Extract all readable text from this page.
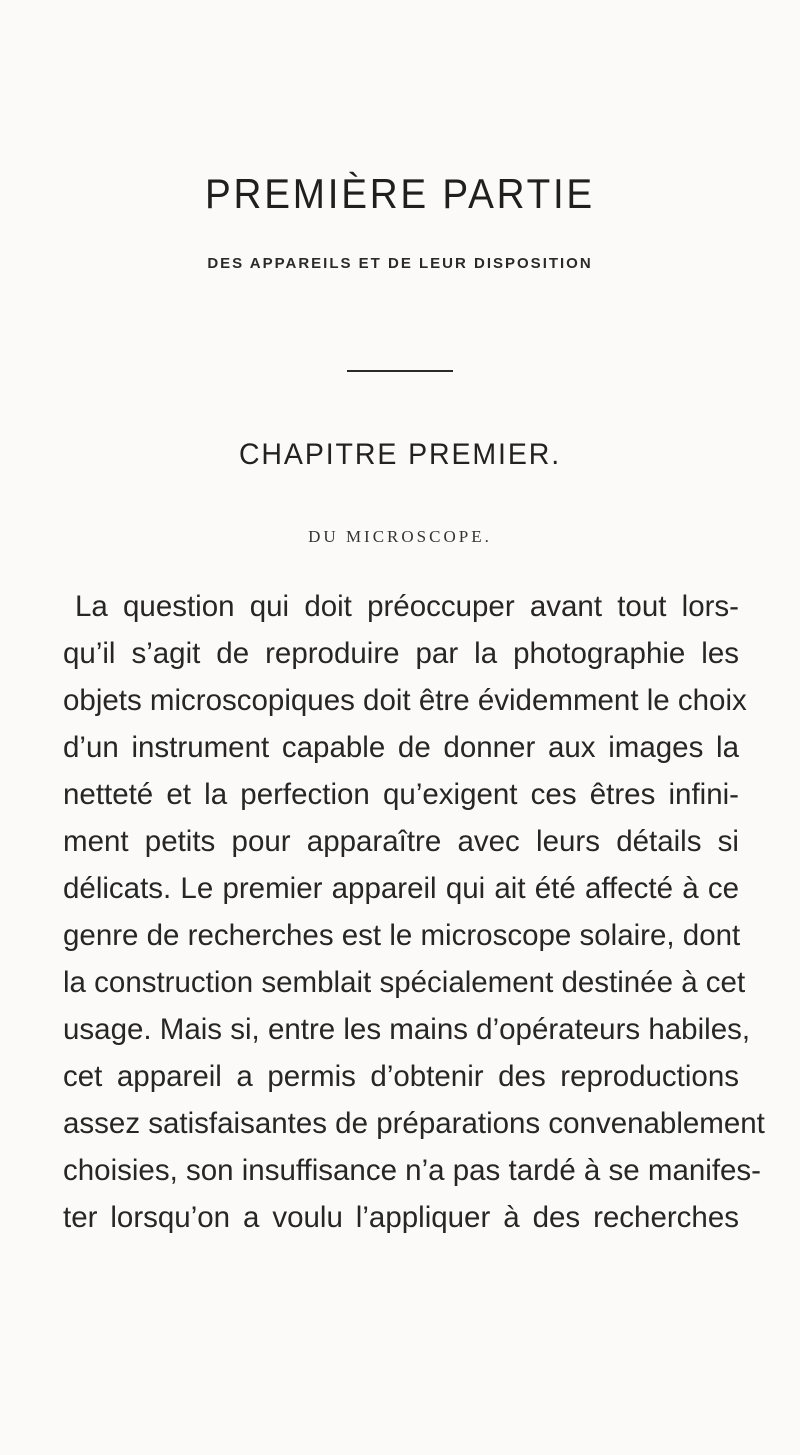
PREMIÈRE PARTIE
DES APPAREILS ET DE LEUR DISPOSITION
CHAPITRE PREMIER.
DU MICROSCOPE.

La question qui doit préoccuper avant tout lors-
qu’il s’agit de reproduire par la photographie les
objets microscopiques doit être évidemment le choix
d’un instrument capable de donner aux images la
netteté et la perfection qu’exigent ces êtres infini-
ment petits pour apparaître avec leurs détails si
délicats. Le premier appareil qui ait été affecté à ce
genre de recherches est le microscope solaire, dont
la construction semblait spécialement destinée à cet
usage. Mais si, entre les mains d’opérateurs habiles,
cet appareil a permis d’obtenir des reproductions
assez satisfaisantes de préparations convenablement
choisies, son insuffisance n’a pas tardé à se manifes-
ter lorsqu’on a voulu l’appliquer à des recherches
